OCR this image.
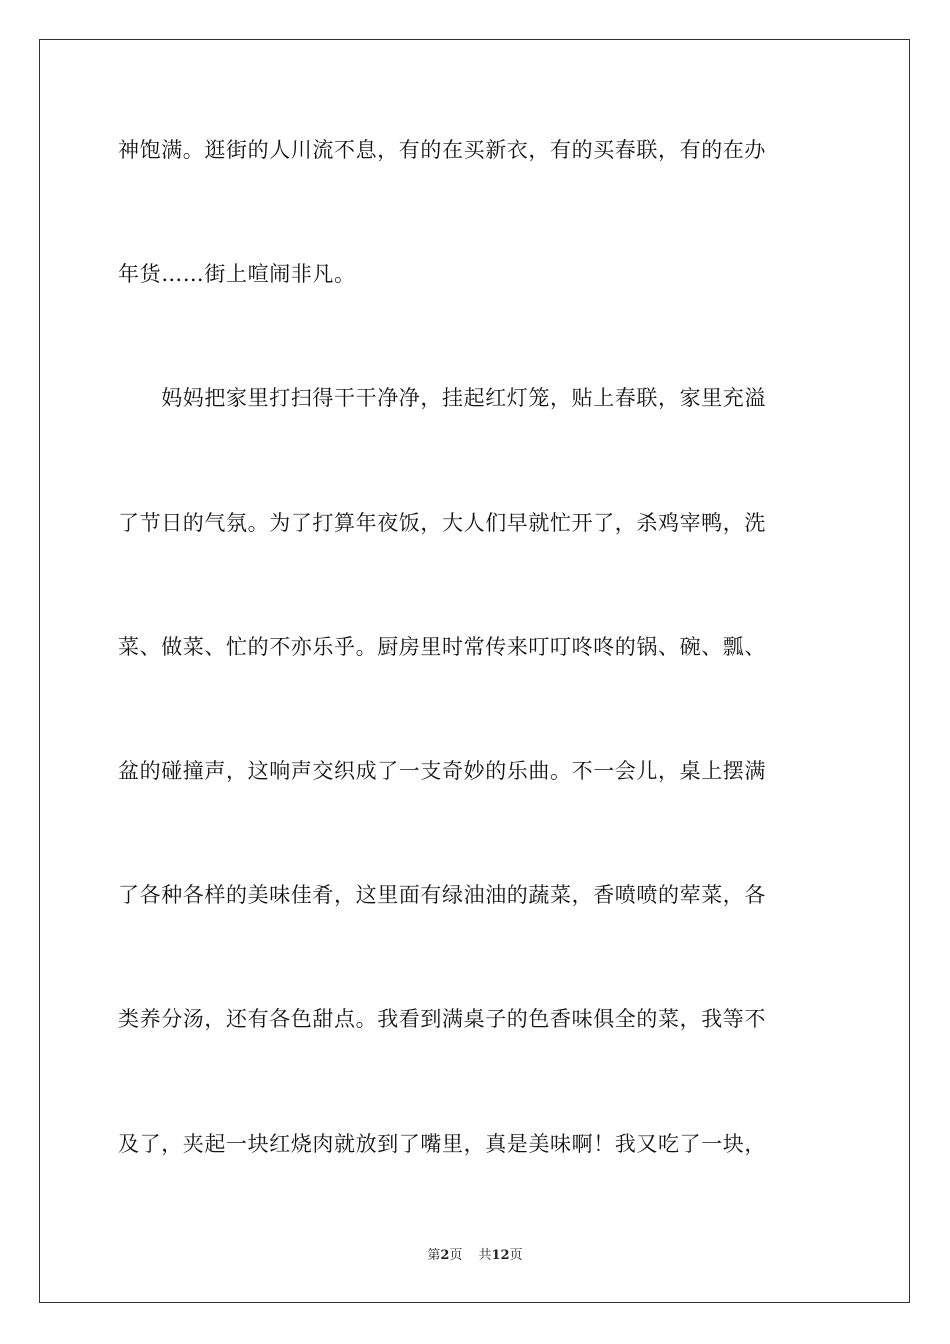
神饱满。逛街的人川流不息，有的在买新衣，有的买春联，有的在办
年货……街上喧闹非凡。
　　妈妈把家里打扫得干干净净，挂起红灯笼，贴上春联，家里充溢
了节日的气氛。为了打算年夜饭，大人们早就忙开了，杀鸡宰鸭，洗
菜、做菜、忙的不亦乐乎。厨房里时常传来叮叮咚咚的锅、碗、瓢、
盆的碰撞声，这响声交织成了一支奇妙的乐曲。不一会儿，桌上摆满
了各种各样的美味佳肴，这里面有绿油油的蔬菜，香喷喷的荤菜，各
类养分汤，还有各色甜点。我看到满桌子的色香味俱全的菜，我等不
及了，夹起一块红烧肉就放到了嘴里，真是美味啊！我又吃了一块，
第2页 共12页
